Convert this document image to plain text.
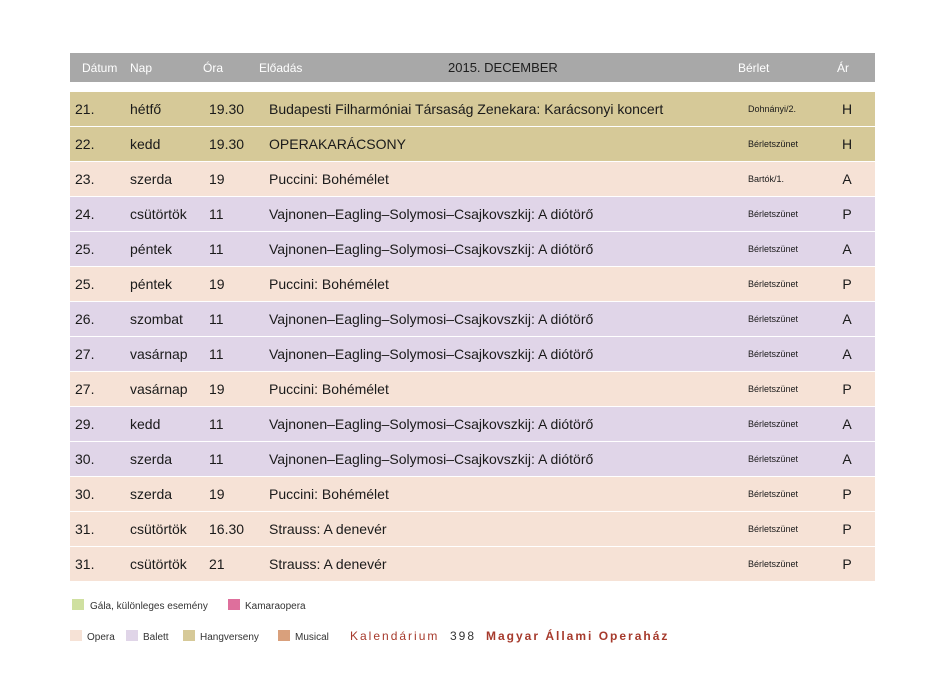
Dátum Nap	Óra	Előadás	2015. DECEMBER	Bérlet	Ár
21.	hétfő	19.30 Budapesti Filharmóniai Társaság Zenekara: Karácsonyi koncert	Dohnányi/2.	H
22.	kedd	19.30 OPERAKARÁCSONY	Bérletszünet	H
23.	szerda	19	Puccini: Bohémélet	Bartók/1.	A
24.	csütörtök 11	Vajnonen–Eagling–Solymosi–Csajkovszkij: A diótörő	Bérletszünet	P
25.	péntek	11	Vajnonen–Eagling–Solymosi–Csajkovszkij: A diótörő	Bérletszünet	A
25.	péntek	19	Puccini: Bohémélet	Bérletszünet	P
26.	szombat 11	Vajnonen–Eagling–Solymosi–Csajkovszkij: A diótörő	Bérletszünet	A
27.	vasárnap 11	Vajnonen–Eagling–Solymosi–Csajkovszkij: A diótörő	Bérletszünet	A
27.	vasárnap 19	Puccini: Bohémélet	Bérletszünet	P
29.	kedd	11	Vajnonen–Eagling–Solymosi–Csajkovszkij: A diótörő	Bérletszünet	A
30.	szerda	11	Vajnonen–Eagling–Solymosi–Csajkovszkij: A diótörő	Bérletszünet	A
30.	szerda	19	Puccini: Bohémélet	Bérletszünet	P
31.	csütörtök 16.30 Strauss: A denevér	Bérletszünet	P
31.	csütörtök 21	Strauss: A denevér	Bérletszünet	P
Gála, különleges esemény	Kamaraopera
Opera	Balett	Hangverseny	Musical Kalendárium 398 Magyar Állami Operaház
